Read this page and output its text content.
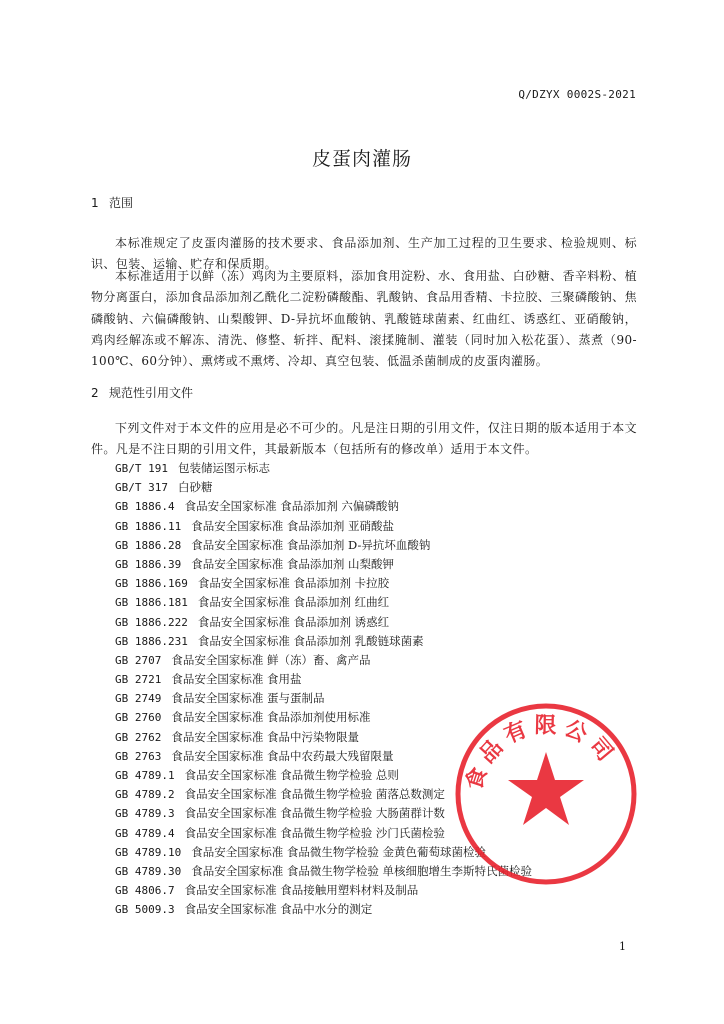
Q/DZYX 0002S-2021
皮蛋肉灌肠
1 范围

本标准规定了皮蛋肉灌肠的技术要求、食品添加剂、生产加工过程的卫生要求、检验规则、标识、包装、运输、贮存和保质期。

本标准适用于以鲜（冻）鸡肉为主要原料，添加食用淀粉、水、食用盐、白砂糖、香辛料粉、植物分离蛋白，添加食品添加剂乙酰化二淀粉磷酸酯、乳酸钠、食品用香精、卡拉胶、三聚磷酸钠、焦磷酸钠、六偏磷酸钠、山梨酸钾、D-异抗坏血酸钠、乳酸链球菌素、红曲红、诱惑红、亚硝酸钠，鸡肉经解冻或不解冻、清洗、修整、斩拌、配料、滚揉腌制、灌装（同时加入松花蛋）、蒸煮（90-100℃、60分钟）、熏烤或不熏烤、冷却、真空包装、低温杀菌制成的皮蛋肉灌肠。

2 规范性引用文件

下列文件对于本文件的应用是必不可少的。凡是注日期的引用文件，仅注日期的版本适用于本文件。凡是不注日期的引用文件，其最新版本（包括所有的修改单）适用于本文件。

GB/T 191 包装储运图示标志
GB/T 317 白砂糖
GB 1886.4 食品安全国家标准 食品添加剂 六偏磷酸钠
GB 1886.11 食品安全国家标准 食品添加剂 亚硝酸盐
GB 1886.28 食品安全国家标准 食品添加剂 D-异抗坏血酸钠
GB 1886.39 食品安全国家标准 食品添加剂 山梨酸钾
GB 1886.169 食品安全国家标准 食品添加剂 卡拉胶
GB 1886.181 食品安全国家标准 食品添加剂 红曲红
GB 1886.222 食品安全国家标准 食品添加剂 诱惑红
GB 1886.231 食品安全国家标准 食品添加剂 乳酸链球菌素
GB 2707 食品安全国家标准 鲜（冻）畜、禽产品
GB 2721 食品安全国家标准 食用盐
GB 2749 食品安全国家标准 蛋与蛋制品
GB 2760 食品安全国家标准 食品添加剂使用标准
GB 2762 食品安全国家标准 食品中污染物限量
GB 2763 食品安全国家标准 食品中农药最大残留限量
GB 4789.1 食品安全国家标准 食品微生物学检验 总则
GB 4789.2 食品安全国家标准 食品微生物学检验 菌落总数测定
GB 4789.3 食品安全国家标准 食品微生物学检验 大肠菌群计数
GB 4789.4 食品安全国家标准 食品微生物学检验 沙门氏菌检验
GB 4789.10 食品安全国家标准 食品微生物学检验 金黄色葡萄球菌检验
GB 4789.30 食品安全国家标准 食品微生物学检验 单核细胞增生李斯特氏菌检验
GB 4806.7 食品安全国家标准 食品接触用塑料材料及制品
GB 5009.3 食品安全国家标准 食品中水分的测定
食品有限公司
1
